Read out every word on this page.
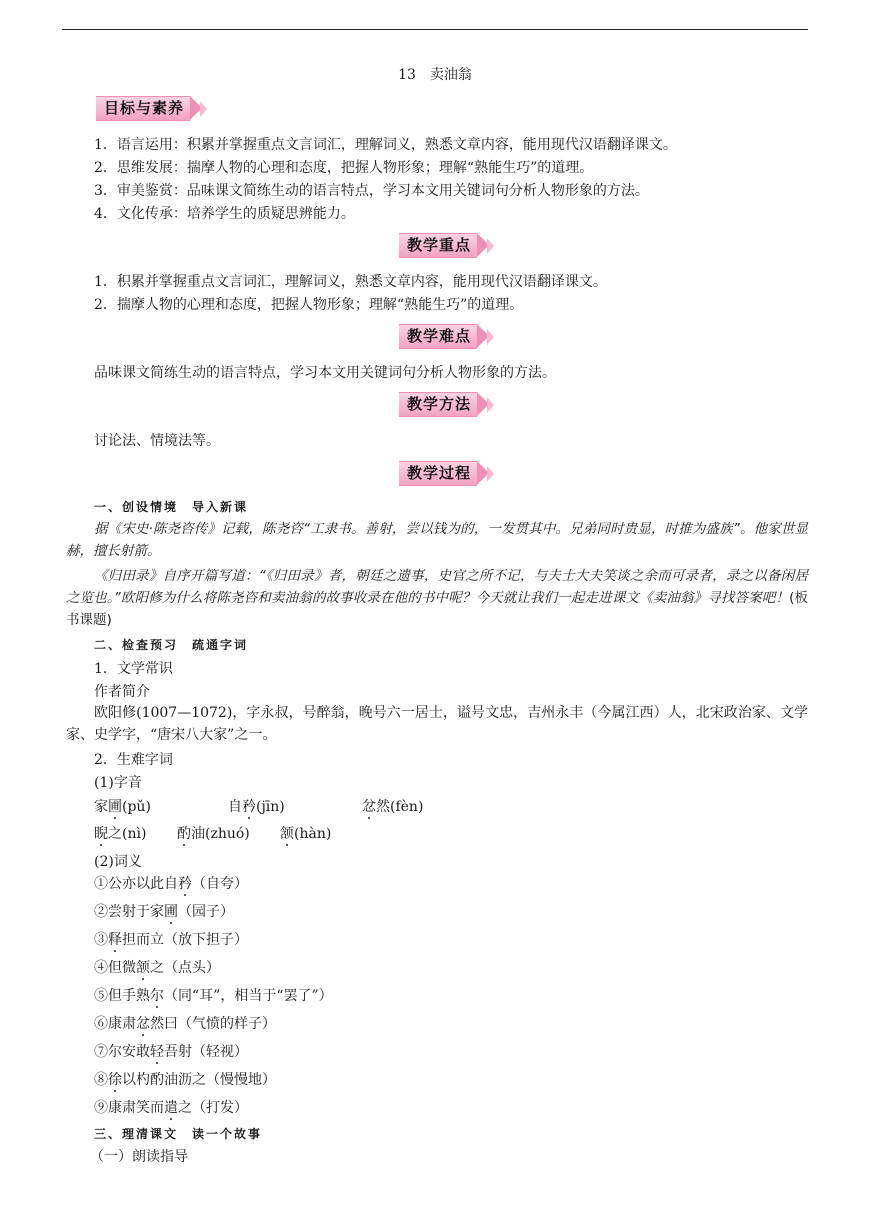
13　卖油翁
目标与素养
1．语言运用：积累并掌握重点文言词汇，理解词义，熟悉文章内容，能用现代汉语翻译课文。
2．思维发展：揣摩人物的心理和态度，把握人物形象；理解“熟能生巧”的道理。
3．审美鉴赏：品味课文简练生动的语言特点，学习本文用关键词句分析人物形象的方法。
4．文化传承：培养学生的质疑思辨能力。
教学重点
1．积累并掌握重点文言词汇，理解词义，熟悉文章内容，能用现代汉语翻译课文。
2．揣摩人物的心理和态度，把握人物形象；理解“熟能生巧”的道理。
教学难点
品味课文简练生动的语言特点，学习本文用关键词句分析人物形象的方法。
教学方法
讨论法、情境法等。
教学过程
一、创设情境　导入新课
据《宋史·陈尧咨传》记载，陈尧咨“工隶书。善射，尝以钱为的，一发贯其中。兄弟同时贵显，时推为盛族”。他家世显赫，擅长射箭。
《归田录》自序开篇写道：“《归田录》者，朝廷之遗事，史官之所不记，与夫士大夫笑谈之余而可录者，录之以备闲居之览也。”欧阳修为什么将陈尧咨和卖油翁的故事收录在他的书中呢？今天就让我们一起走进课文《卖油翁》寻找答案吧！(板书课题)
二、检查预习　疏通字词
1．文学常识
作者简介
欧阳修(1007—1072)，字永叔，号醉翁，晚号六一居士，谥号文忠，吉州永丰（今属江西）人，北宋政治家、文学家、史学字，“唐宋八大家”之一。
2．生难字词
(1)字音
家圃(pǔ)	自矜(jīn)	忿然(fèn)
睨之(nì) 酌油(zhuó) 颔(hàn)
(2)词义
①公亦以此自矜（自夸）
②尝射于家圃（园子）
③释担而立（放下担子）
④但微颔之（点头）
⑤但手熟尔（同“耳”，相当于“罢了”）
⑥康肃忿然曰（气愤的样子）
⑦尔安敢轻吾射（轻视）
⑧徐以杓酌油沥之（慢慢地）
⑨康肃笑而遣之（打发）
三、理清课文　读一个故事
（一）朗读指导
